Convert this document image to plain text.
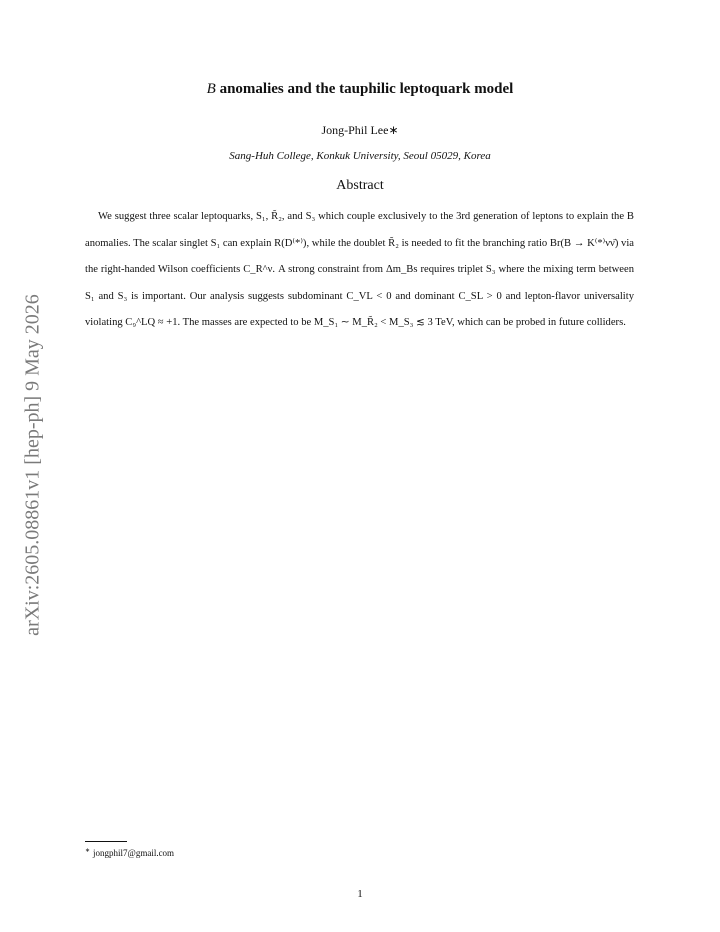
arXiv:2605.08861v1 [hep-ph] 9 May 2026
B anomalies and the tauphilic leptoquark model
Jong-Phil Lee∗
Sang-Huh College, Konkuk University, Seoul 05029, Korea
Abstract

We suggest three scalar leptoquarks, S₁, R̃₂, and S₃ which couple exclusively to the 3rd generation of leptons to explain the B anomalies. The scalar singlet S₁ can explain R(D⁽*⁾), while the doublet R̃₂ is needed to fit the branching ratio Br(B → K⁽*⁾νν̄) via the right-handed Wilson coefficients C_R^ν. A strong constraint from Δm_Bs requires triplet S₃ where the mixing term between S₁ and S₃ is important. Our analysis suggests subdominant C_VL < 0 and dominant C_SL > 0 and lepton-flavor universality violating C₉^LQ ≈ +1. The masses are expected to be M_S₁ ∼ M_R̃₂ < M_S₃ ≲ 3 TeV, which can be probed in future colliders.

∗ jongphil7@gmail.com
1
